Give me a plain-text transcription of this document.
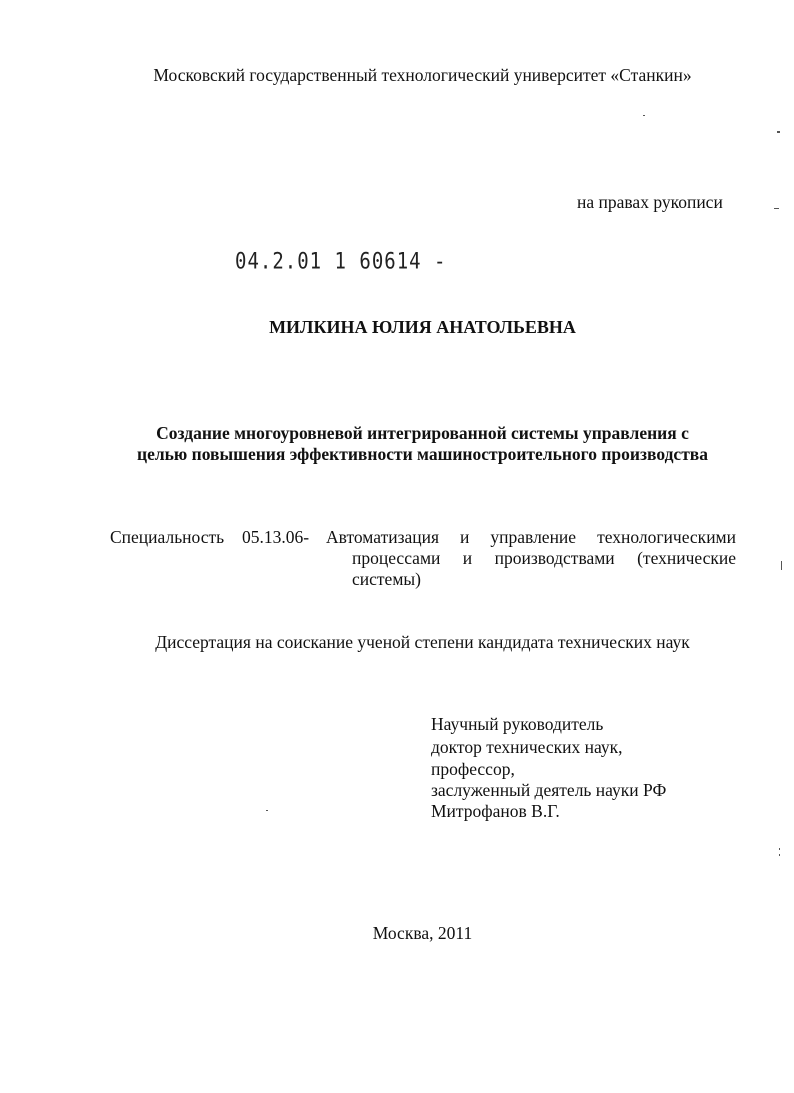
Московский государственный технологический университет «Станкин»
на правах рукописи
04.2.01 1 60614 -
МИЛКИНА ЮЛИЯ АНАТОЛЬЕВНА
Создание многоуровневой интегрированной системы управления с
целью повышения эффективности машиностроительного производства
Специальность 05.13.06- Автоматизация и управление технологическими
процессами и производствами (технические
системы)
Диссертация на соискание ученой степени кандидата технических наук
Научный руководитель
доктор технических наук,
профессор,
заслуженный деятель науки РФ
Митрофанов В.Г.
Москва, 2011
